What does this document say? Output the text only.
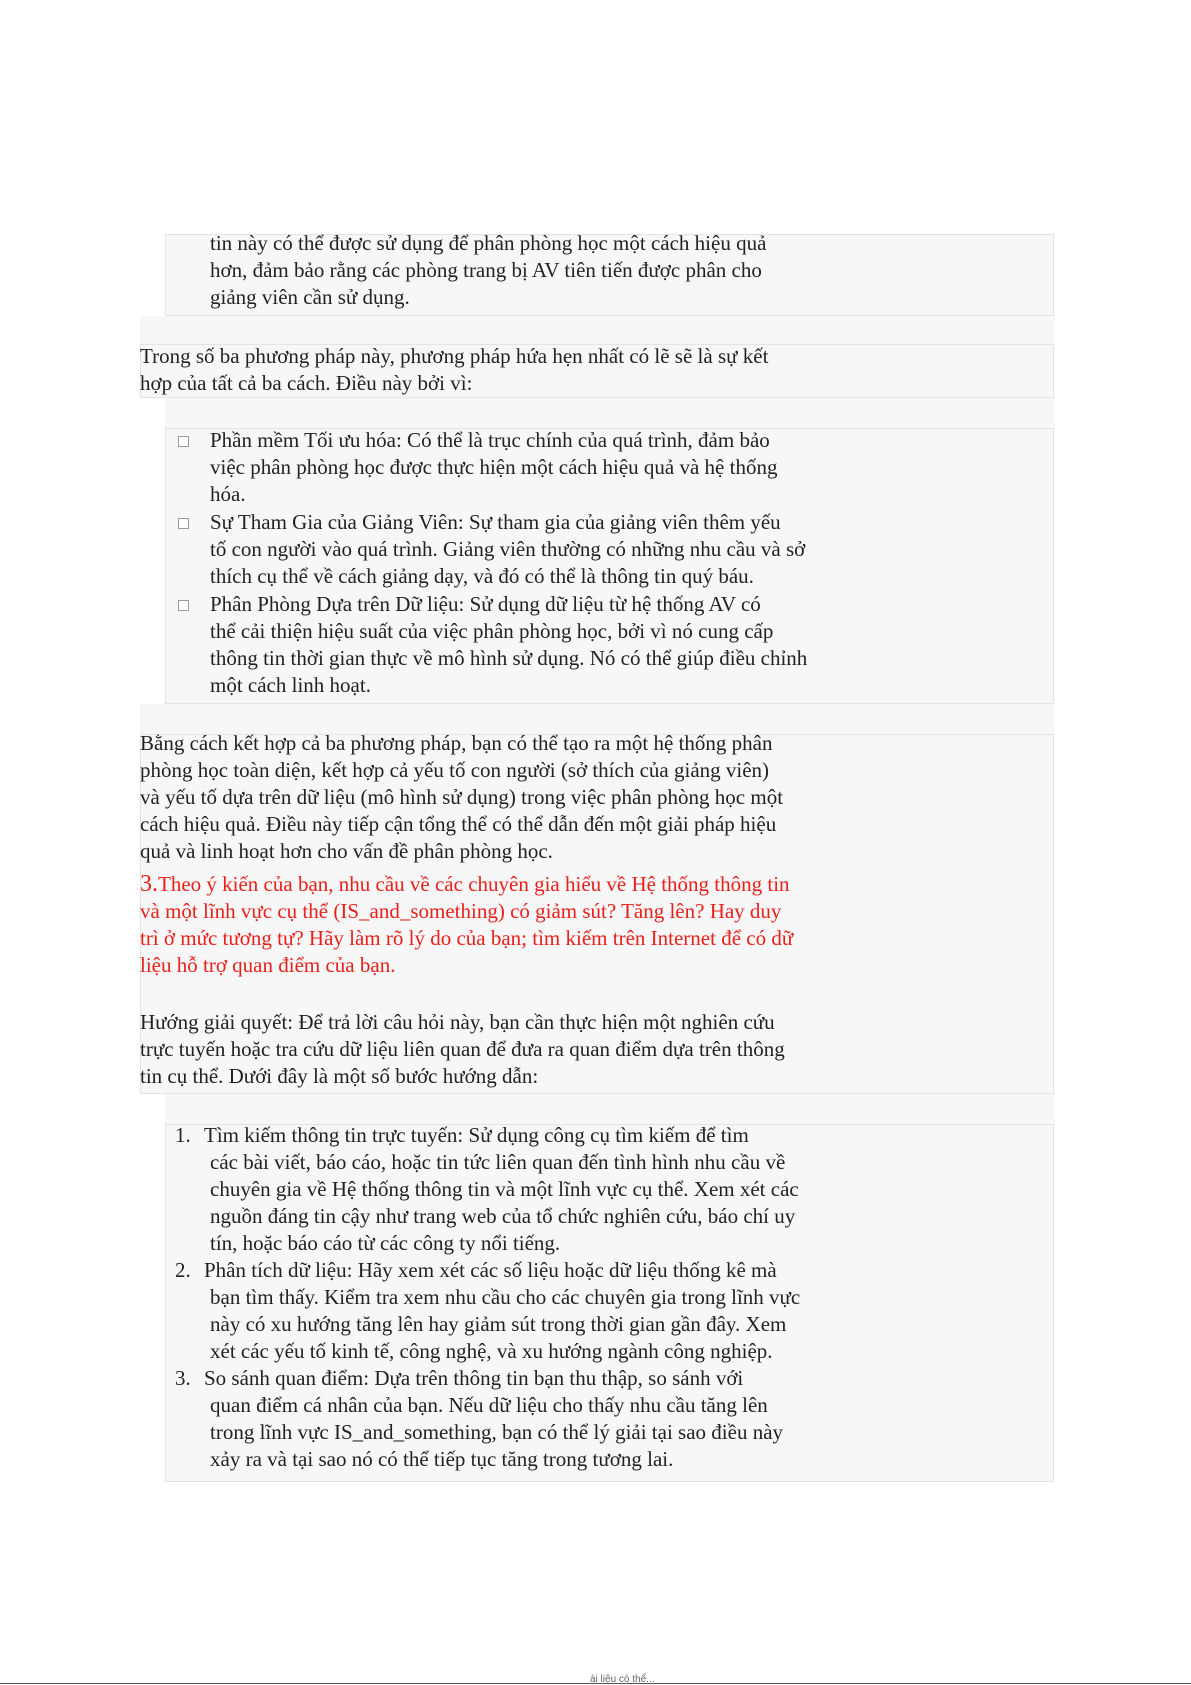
tin này có thể được sử dụng để phân phòng học một cách hiệu quả
hơn, đảm bảo rằng các phòng trang bị AV tiên tiến được phân cho
giảng viên cần sử dụng.
Trong số ba phương pháp này, phương pháp hứa hẹn nhất có lẽ sẽ là sự kết
hợp của tất cả ba cách. Điều này bởi vì:
Phần mềm Tối ưu hóa: Có thể là trục chính của quá trình, đảm bảo
việc phân phòng học được thực hiện một cách hiệu quả và hệ thống
hóa.
Sự Tham Gia của Giảng Viên: Sự tham gia của giảng viên thêm yếu
tố con người vào quá trình. Giảng viên thường có những nhu cầu và sở
thích cụ thể về cách giảng dạy, và đó có thể là thông tin quý báu.
Phân Phòng Dựa trên Dữ liệu: Sử dụng dữ liệu từ hệ thống AV có
thể cải thiện hiệu suất của việc phân phòng học, bởi vì nó cung cấp
thông tin thời gian thực về mô hình sử dụng. Nó có thể giúp điều chỉnh
một cách linh hoạt.
Bằng cách kết hợp cả ba phương pháp, bạn có thể tạo ra một hệ thống phân
phòng học toàn diện, kết hợp cả yếu tố con người (sở thích của giảng viên)
và yếu tố dựa trên dữ liệu (mô hình sử dụng) trong việc phân phòng học một
cách hiệu quả. Điều này tiếp cận tổng thể có thể dẫn đến một giải pháp hiệu
quả và linh hoạt hơn cho vấn đề phân phòng học.
3.Theo ý kiến của bạn, nhu cầu về các chuyên gia hiểu về Hệ thống thông tin
và một lĩnh vực cụ thể (IS_and_something) có giảm sút? Tăng lên? Hay duy
trì ở mức tương tự? Hãy làm rõ lý do của bạn; tìm kiếm trên Internet để có dữ
liệu hỗ trợ quan điểm của bạn.
Hướng giải quyết: Để trả lời câu hỏi này, bạn cần thực hiện một nghiên cứu
trực tuyến hoặc tra cứu dữ liệu liên quan để đưa ra quan điểm dựa trên thông
tin cụ thể. Dưới đây là một số bước hướng dẫn:
1. Tìm kiếm thông tin trực tuyến: Sử dụng công cụ tìm kiếm để tìm
các bài viết, báo cáo, hoặc tin tức liên quan đến tình hình nhu cầu về
chuyên gia về Hệ thống thông tin và một lĩnh vực cụ thể. Xem xét các
nguồn đáng tin cậy như trang web của tổ chức nghiên cứu, báo chí uy
tín, hoặc báo cáo từ các công ty nổi tiếng.
2. Phân tích dữ liệu: Hãy xem xét các số liệu hoặc dữ liệu thống kê mà
bạn tìm thấy. Kiểm tra xem nhu cầu cho các chuyên gia trong lĩnh vực
này có xu hướng tăng lên hay giảm sút trong thời gian gần đây. Xem
xét các yếu tố kinh tế, công nghệ, và xu hướng ngành công nghiệp.
3. So sánh quan điểm: Dựa trên thông tin bạn thu thập, so sánh với
quan điểm cá nhân của bạn. Nếu dữ liệu cho thấy nhu cầu tăng lên
trong lĩnh vực IS_and_something, bạn có thể lý giải tại sao điều này
xảy ra và tại sao nó có thể tiếp tục tăng trong tương lai.
ài liệu có thể...
